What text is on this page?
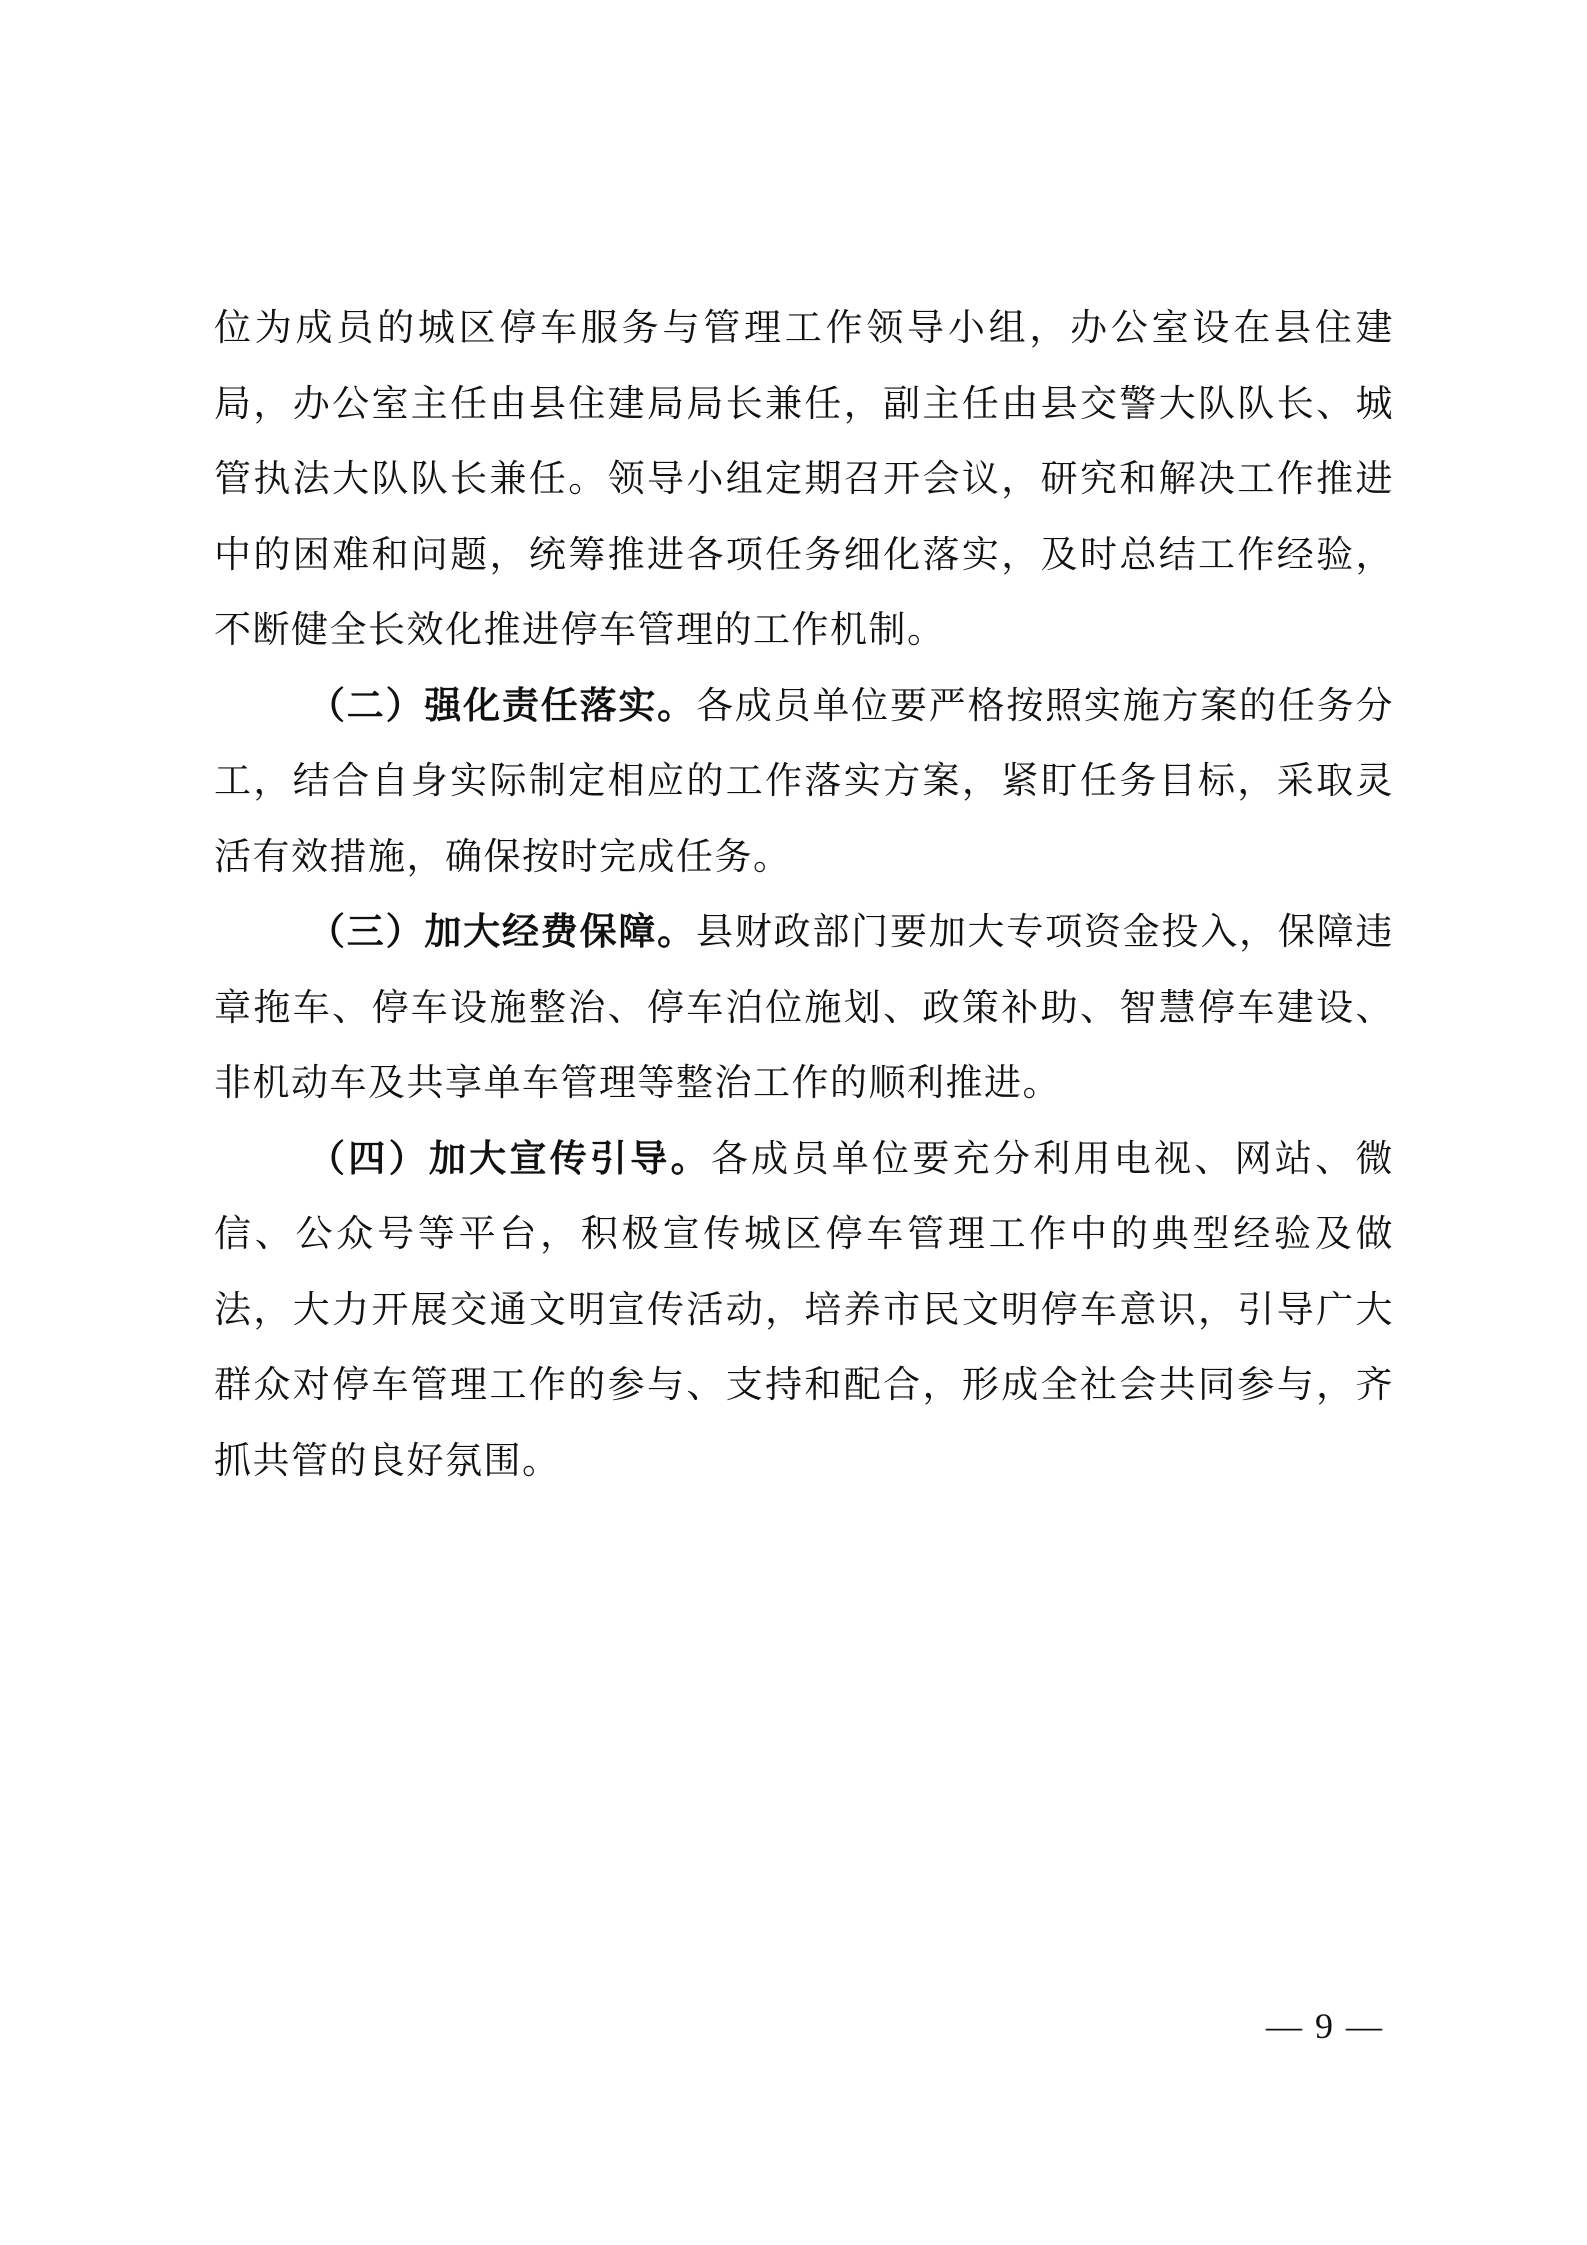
位为成员的城区停车服务与管理工作领导小组，办公室设在县住建局，办公室主任由县住建局局长兼任，副主任由县交警大队队长、城管执法大队队长兼任。领导小组定期召开会议，研究和解决工作推进中的困难和问题，统筹推进各项任务细化落实，及时总结工作经验，不断健全长效化推进停车管理的工作机制。

（二）强化责任落实。各成员单位要严格按照实施方案的任务分工，结合自身实际制定相应的工作落实方案，紧盯任务目标，采取灵活有效措施，确保按时完成任务。

（三）加大经费保障。县财政部门要加大专项资金投入，保障违章拖车、停车设施整治、停车泊位施划、政策补助、智慧停车建设、非机动车及共享单车管理等整治工作的顺利推进。

（四）加大宣传引导。各成员单位要充分利用电视、网站、微信、公众号等平台，积极宣传城区停车管理工作中的典型经验及做法，大力开展交通文明宣传活动，培养市民文明停车意识，引导广大群众对停车管理工作的参与、支持和配合，形成全社会共同参与，齐抓共管的良好氛围。

— 9 —
